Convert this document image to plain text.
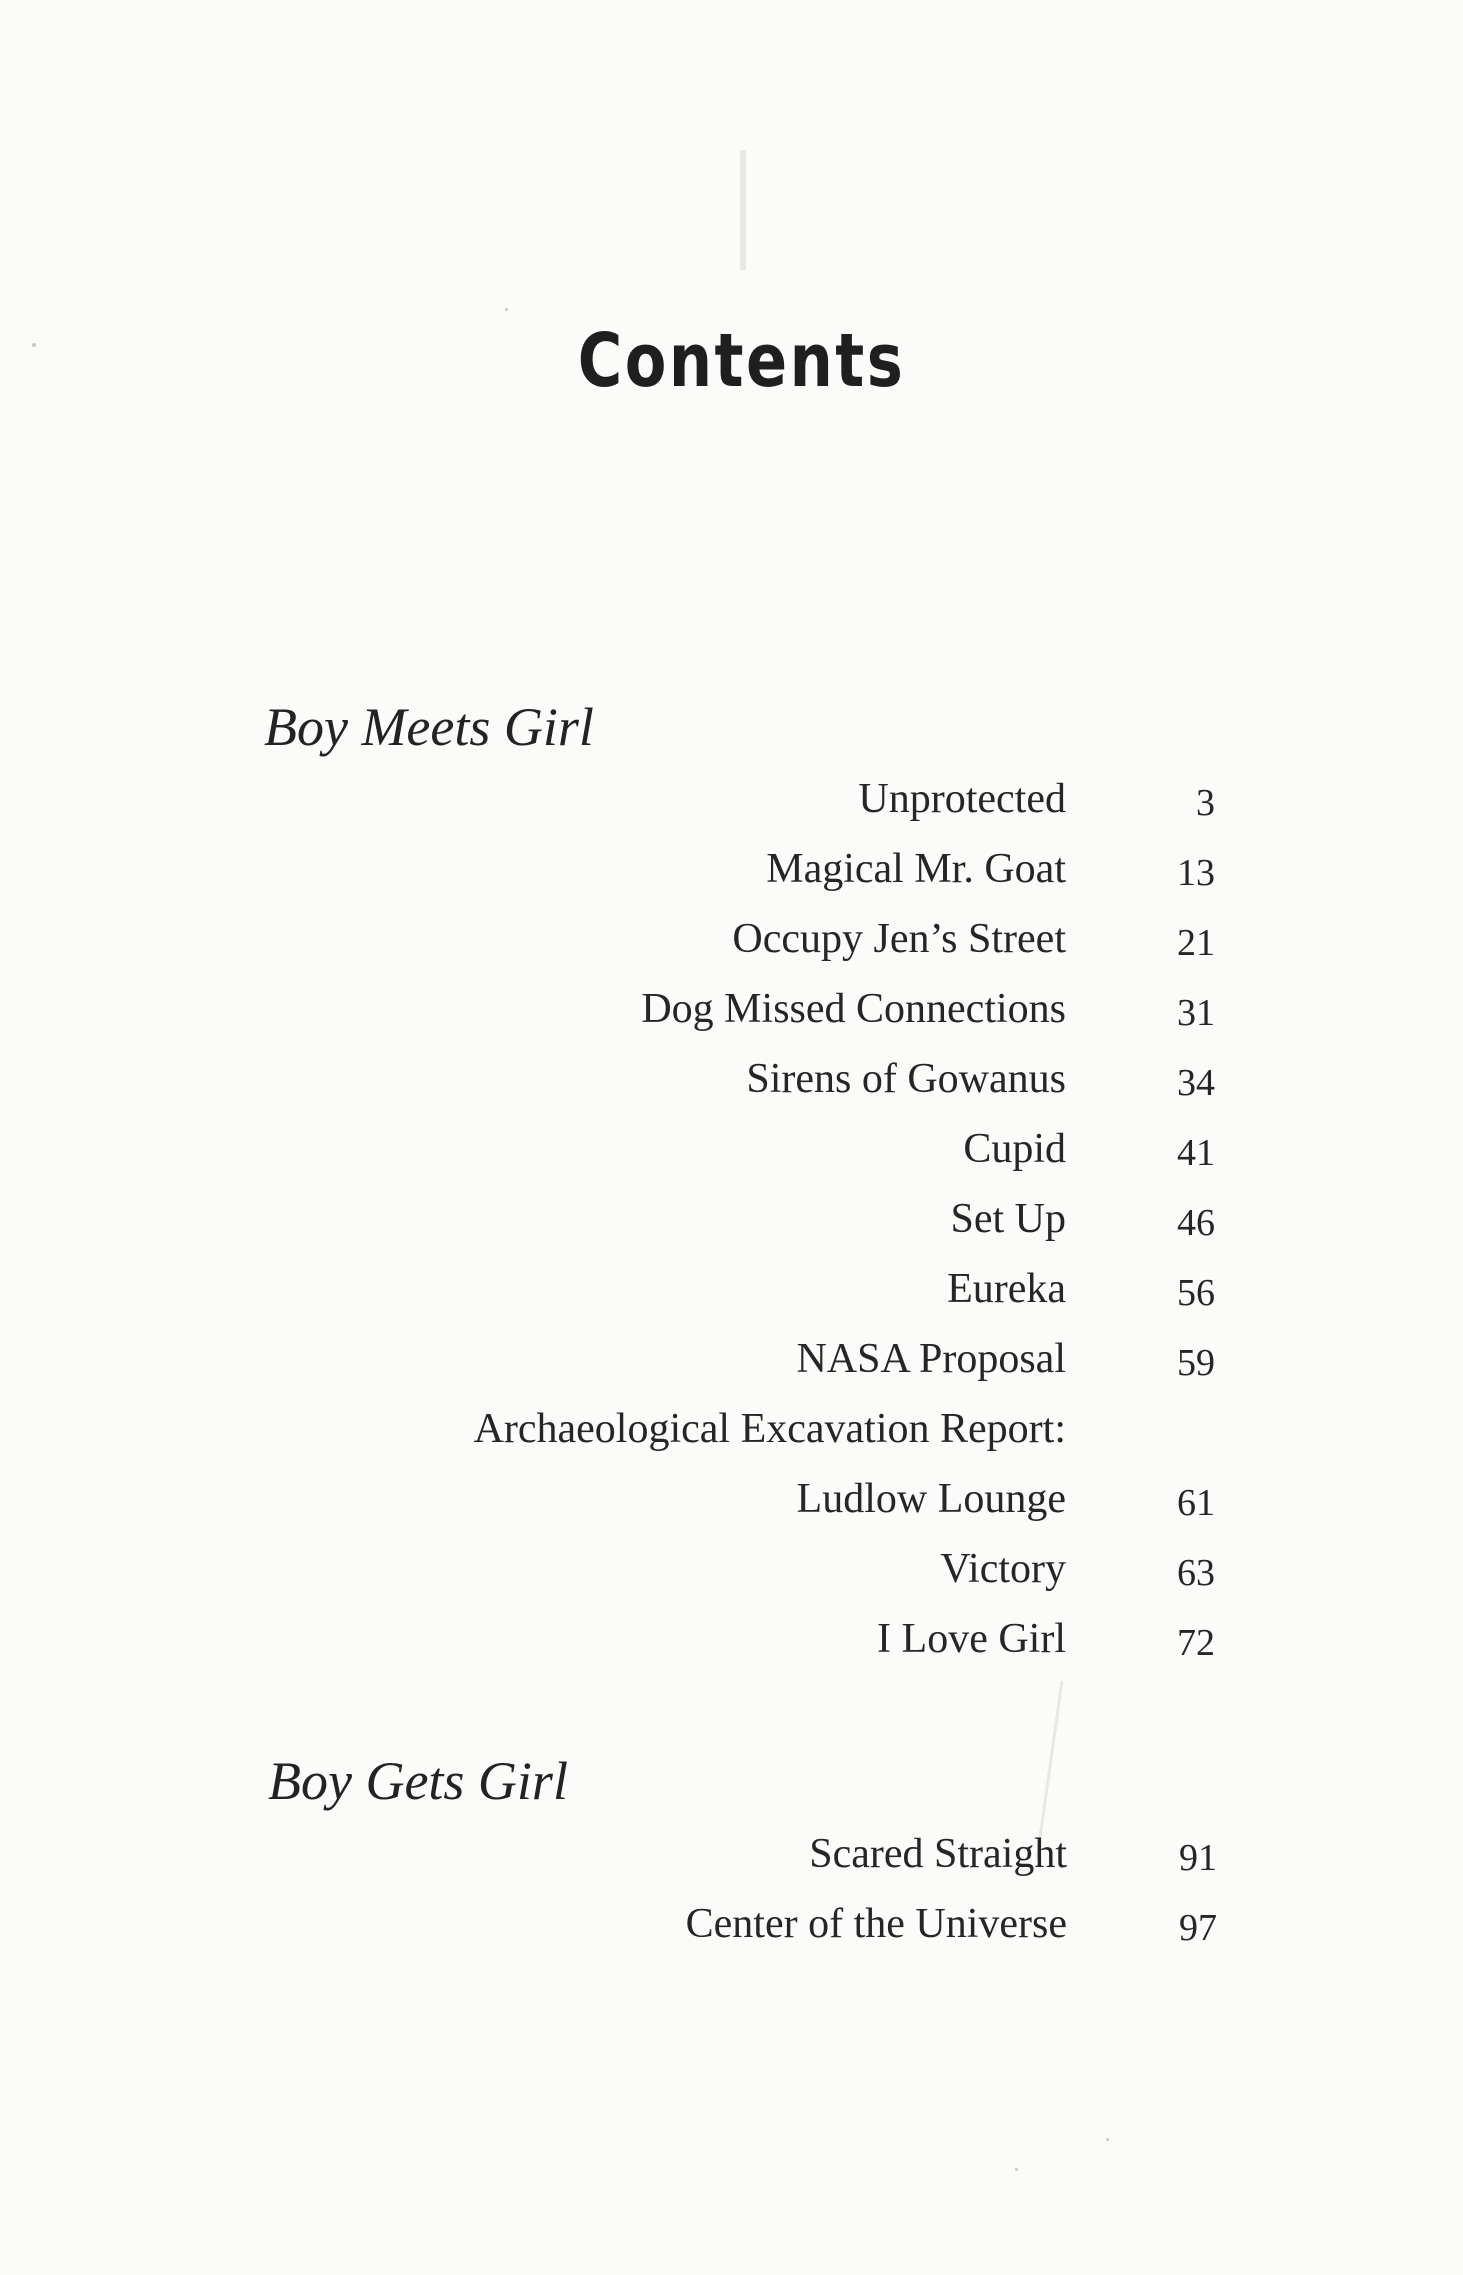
Contents
Boy Meets Girl
Unprotected	3
Magical Mr. Goat	13
Occupy Jen’s Street	21
Dog Missed Connections	31
Sirens of Gowanus	34
Cupid	41
Set Up	46
Eureka	56
NASA Proposal	59
Archaeological Excavation Report:
Ludlow Lounge	61
Victory	63
I Love Girl	72
Boy Gets Girl
Scared Straight	91
Center of the Universe	97
